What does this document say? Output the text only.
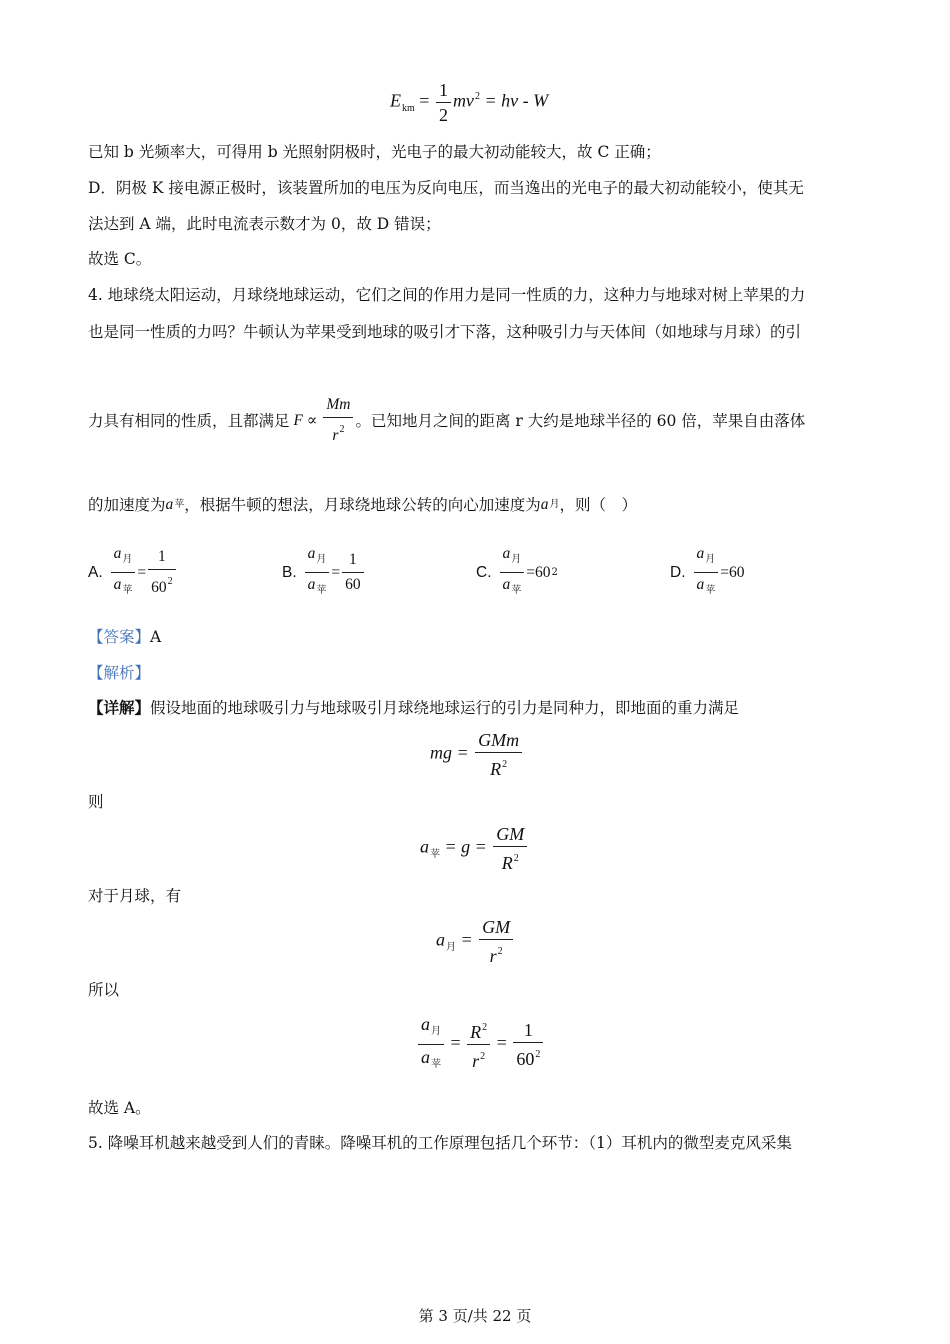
$E_{km} = \frac{1}{2} mv^2 = h\nu - W$
已知 b 光频率大，可得用 b 光照射阴极时，光电子的最大初动能较大，故 C 正确；
D．阴极 K 接电源正极时，该装置所加的电压为反向电压，而当逸出的光电子的最大初动能较小，使其无
法达到 A 端，此时电流表示数才为 0，故 D 错误；
故选 C。
4. 地球绕太阳运动，月球绕地球运动，它们之间的作用力是同一性质的力，这种力与地球对树上苹果的力
也是同一性质的力吗？牛顿认为苹果受到地球的吸引才下落，这种吸引力与天体间（如地球与月球）的引
力具有相同的性质，且都满足 $F \propto \frac{Mm}{r^2}$ 。已知地月之间的距离 r 大约是地球半径的 60 倍，苹果自由落体
的加速度为 a 苹 ，根据牛顿的想法，月球绕地球公转的向心加速度为 a 月 ，则（　）
A. $\frac{a_月}{a_苹} = \frac{1}{60^2}$	B. $\frac{a_月}{a_苹} = \frac{1}{60}$	C. $\frac{a_月}{a_苹} = 60$ 2	D. $\frac{a_月}{a_苹} = 60$
【答案】A
【解析】
【详解】假设地面的地球吸引力与地球吸引月球绕地球运行的引力是同种力，即地面的重力满足
mg = $\frac{\text{GMm}}{R^2}$
则
$a_苹 = g = \frac{GM}{R^2}$
对于月球，有
$a_月 = \frac{GM}{r^2}$
所以
$\frac{a_月}{a_苹} = \frac{R^2}{r^2} = \frac{1}{60^2}$
故选 A。
5. 降噪耳机越来越受到人们的青睐。降噪耳机的工作原理包括几个环节：（1）耳机内的微型麦克风采集
第 3 页/共 22 页
